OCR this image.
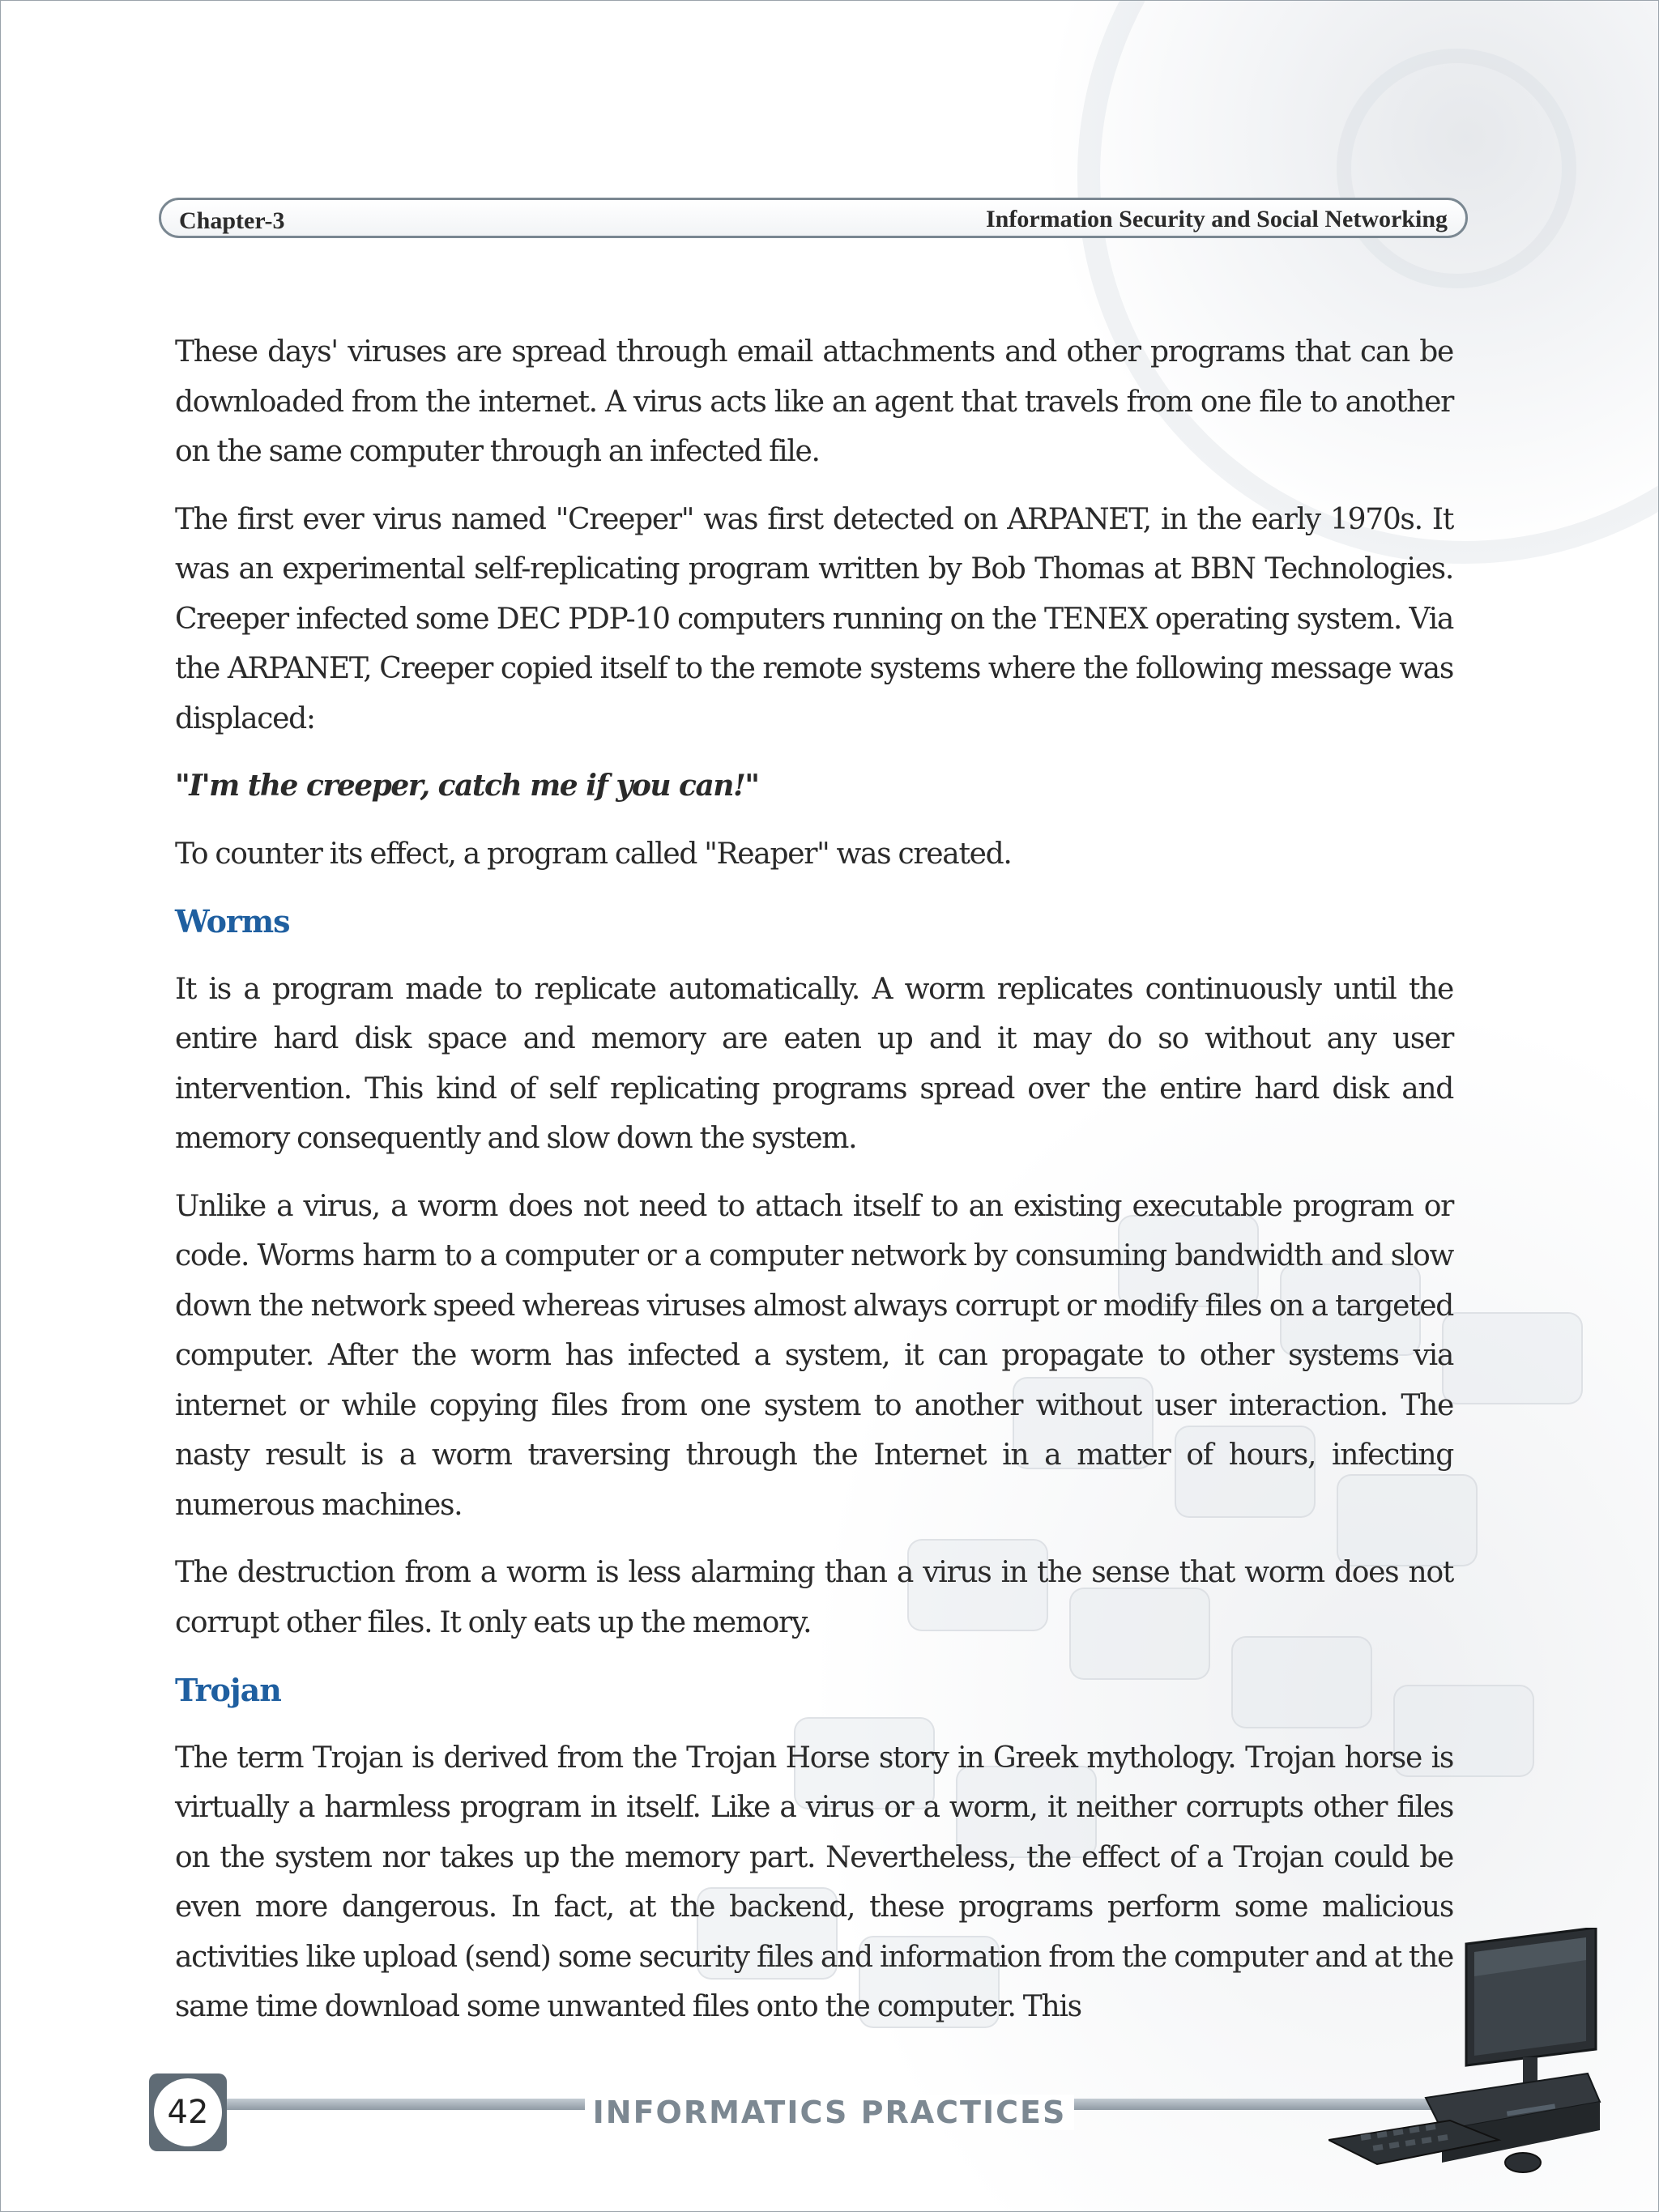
Chapter-3	Information Security and Social Networking

These days' viruses are spread through email attachments and other programs that can be downloaded from the internet. A virus acts like an agent that travels from one file to another on the same computer through an infected file.

The first ever virus named "Creeper" was first detected on ARPANET, in the early 1970s. It was an experimental self-replicating program written by Bob Thomas at BBN Technologies. Creeper infected some DEC PDP-10 computers running on the TENEX operating system. Via the ARPANET, Creeper copied itself to the remote systems where the following message was displaced:

"I'm the creeper, catch me if you can!"

To counter its effect, a program called "Reaper" was created.

Worms

It is a program made to replicate automatically. A worm replicates continuously until the entire hard disk space and memory are eaten up and it may do so without any user intervention. This kind of self replicating programs spread over the entire hard disk and memory consequently and slow down the system.

Unlike a virus, a worm does not need to attach itself to an existing executable program or code. Worms harm to a computer or a computer network by consuming bandwidth and slow down the network speed whereas viruses almost always corrupt or modify files on a targeted computer. After the worm has infected a system, it can propagate to other systems via internet or while copying files from one system to another without user interaction. The nasty result is a worm traversing through the Internet in a matter of hours, infecting numerous machines.

The destruction from a worm is less alarming than a virus in the sense that worm does not corrupt other files. It only eats up the memory.

Trojan

The term Trojan is derived from the Trojan Horse story in Greek mythology. Trojan horse is virtually a harmless program in itself. Like a virus or a worm, it neither corrupts other files on the system nor takes up the memory part. Nevertheless, the effect of a Trojan could be even more dangerous. In fact, at the backend, these programs perform some malicious activities like upload (send) some security files and information from the computer and at the same time download some unwanted files onto the computer. This

INFORMATICS PRACTICES
42
